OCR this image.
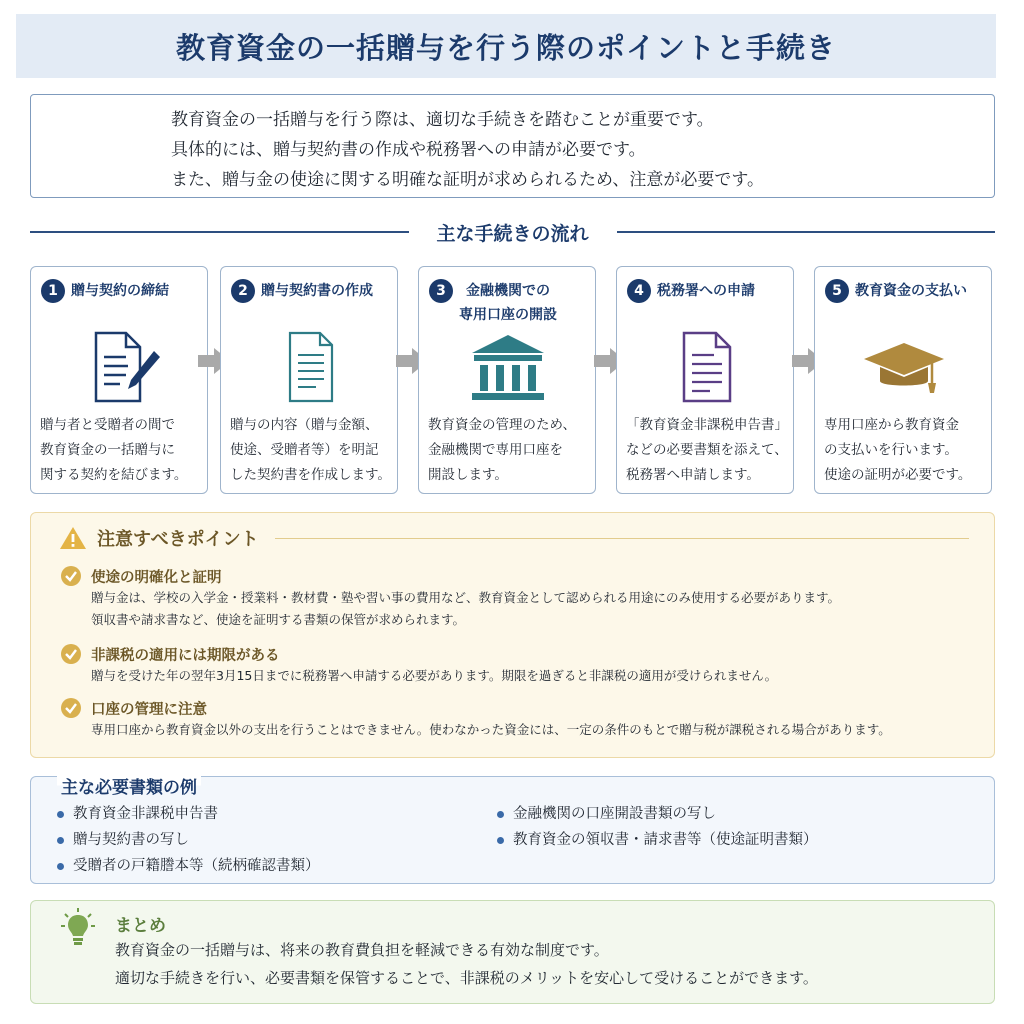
教育資金の一括贈与を行う際のポイントと手続き

教育資金の一括贈与を行う際は、適切な手続きを踏むことが重要です。

具体的には、贈与契約書の作成や税務署への申請が必要です。

また、贈与金の使途に関する明確な証明が求められるため、注意が必要です。

主な手続きの流れ
1 贈与契約の締結
贈与者と受贈者の間で
教育資金の一括贈与に
関する契約を結びます。
2 贈与契約書の作成
贈与の内容（贈与金額、
使途、受贈者等）を明記
した契約書を作成します。
3	金融機関での
専用口座の開設
教育資金の管理のため、
金融機関で専用口座を
開設します。
4 税務署への申請
「教育資金非課税申告書」
などの必要書類を添えて、
税務署へ申請します。
5 教育資金の支払い
専用口座から教育資金
の支払いを行います。
使途の証明が必要です。
注意すべきポイント
使途の明確化と証明
贈与金は、学校の入学金・授業料・教材費・塾や習い事の費用など、教育資金として認められる用途にのみ使用する必要があります。
領収書や請求書など、使途を証明する書類の保管が求められます。
非課税の適用には期限がある
贈与を受けた年の翌年3月15日までに税務署へ申請する必要があります。期限を過ぎると非課税の適用が受けられません。
口座の管理に注意
専用口座から教育資金以外の支出を行うことはできません。使わなかった資金には、一定の条件のもとで贈与税が課税される場合があります。
主な必要書類の例
教育資金非課税申告書
贈与契約書の写し
受贈者の戸籍謄本等（続柄確認書類）
金融機関の口座開設書類の写し
教育資金の領収書・請求書等（使途証明書類）
まとめ

教育資金の一括贈与は、将来の教育費負担を軽減できる有効な制度です。

適切な手続きを行い、必要書類を保管することで、非課税のメリットを安心して受けることができます。
